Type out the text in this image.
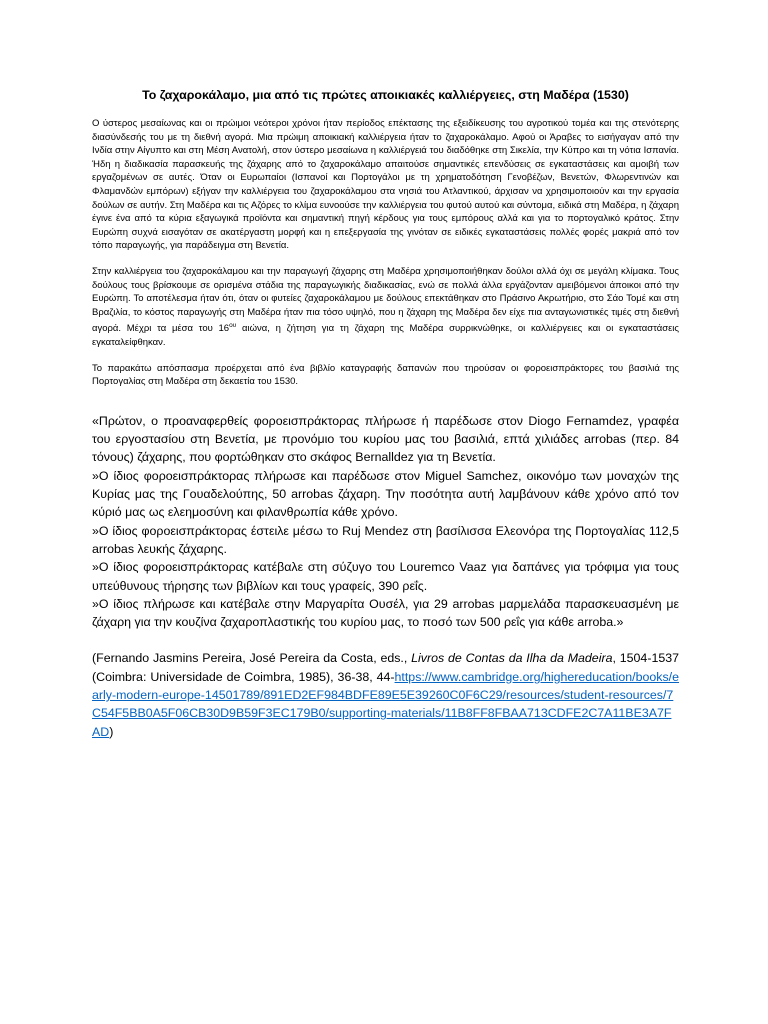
Το ζαχαροκάλαμο, μια από τις πρώτες αποικιακές καλλιέργειες, στη Μαδέρα (1530)

Ο ύστερος μεσαίωνας και οι πρώιμοι νεότεροι χρόνοι ήταν περίοδος επέκτασης της εξειδίκευσης του αγροτικού τομέα και της στενότερης διασύνδεσής του με τη διεθνή αγορά. Μια πρώιμη αποικιακή καλλιέργεια ήταν το ζαχαροκάλαμο. Αφού οι Άραβες το εισήγαγαν από την Ινδία στην Αίγυπτο και στη Μέση Ανατολή, στον ύστερο μεσαίωνα η καλλιέργειά του διαδόθηκε στη Σικελία, την Κύπρο και τη νότια Ισπανία. Ήδη η διαδικασία παρασκευής της ζάχαρης από το ζαχαροκάλαμο απαιτούσε σημαντικές επενδύσεις σε εγκαταστάσεις και αμοιβή των εργαζομένων σε αυτές. Όταν οι Ευρωπαίοι (Ισπανοί και Πορτογάλοι με τη χρηματοδότηση Γενοβέζων, Βενετών, Φλωρεντινών και Φλαμανδών εμπόρων) εξήγαν την καλλιέργεια του ζαχαροκάλαμου στα νησιά του Ατλαντικού, άρχισαν να χρησιμοποιούν και την εργασία δούλων σε αυτήν. Στη Μαδέρα και τις Αζόρες το κλίμα ευνοούσε την καλλιέργεια του φυτού αυτού και σύντομα, ειδικά στη Μαδέρα, η ζάχαρη έγινε ένα από τα κύρια εξαγωγικά προϊόντα και σημαντική πηγή κέρδους για τους εμπόρους αλλά και για το πορτογαλικό κράτος. Στην Ευρώπη συχνά εισαγόταν σε ακατέργαστη μορφή και η επεξεργασία της γινόταν σε ειδικές εγκαταστάσεις πολλές φορές μακριά από τον τόπο παραγωγής, για παράδειγμα στη Βενετία.

Στην καλλιέργεια του ζαχαροκάλαμου και την παραγωγή ζάχαρης στη Μαδέρα χρησιμοποιήθηκαν δούλοι αλλά όχι σε μεγάλη κλίμακα. Τους δούλους τους βρίσκουμε σε ορισμένα στάδια της παραγωγικής διαδικασίας, ενώ σε πολλά άλλα εργάζονταν αμειβόμενοι άποικοι από την Ευρώπη. Το αποτέλεσμα ήταν ότι, όταν οι φυτείες ζαχαροκάλαμου με δούλους επεκτάθηκαν στο Πράσινο Ακρωτήριο, στο Σάο Τομέ και στη Βραζιλία, το κόστος παραγωγής στη Μαδέρα ήταν πια τόσο υψηλό, που η ζάχαρη της Μαδέρα δεν είχε πια ανταγωνιστικές τιμές στη διεθνή αγορά. Μέχρι τα μέσα του $16^{o\upsilon}$ αιώνα, η ζήτηση για τη ζάχαρη της Μαδέρα συρρικνώθηκε, οι καλλιέργειες και οι εγκαταστάσεις εγκαταλείφθηκαν.

Το παρακάτω απόσπασμα προέρχεται από ένα βιβλίο καταγραφής δαπανών που τηρούσαν οι φοροεισπράκτορες του βασιλιά της Πορτογαλίας στη Μαδέρα στη δεκαετία του 1530.

«Πρώτον, ο προαναφερθείς φοροεισπράκτορας πλήρωσε ή παρέδωσε στον Diogo Fernamdez, γραφέα του εργοστασίου στη Βενετία, με προνόμιο του κυρίου μας του βασιλιά, επτά χιλιάδες arrobas (περ. 84 τόνους) ζάχαρης, που φορτώθηκαν στο σκάφος Bernalldez για τη Βενετία.

»Ο ίδιος φοροεισπράκτορας πλήρωσε και παρέδωσε στον Miguel Samchez, οικονόμο των μοναχών της Κυρίας μας της Γουαδελούπης, 50 arrobas ζάχαρη. Την ποσότητα αυτή λαμβάνουν κάθε χρόνο από τον κύριό μας ως ελεημοσύνη και φιλανθρωπία κάθε χρόνο.

»Ο ίδιος φοροεισπράκτορας έστειλε μέσω το Ruj Mendez στη βασίλισσα Ελεονόρα της Πορτογαλίας 112,5 arrobas λευκής ζάχαρης.

»Ο ίδιος φοροεισπράκτορας κατέβαλε στη σύζυγο του Louremco Vaaz για δαπάνες για τρόφιμα για τους υπεύθυνους τήρησης των βιβλίων και τους γραφείς, 390 ρεΐς.

»Ο ίδιος πλήρωσε και κατέβαλε στην Μαργαρίτα Ουσέλ, για 29 arrobas μαρμελάδα παρασκευασμένη με ζάχαρη για την κουζίνα ζαχαροπλαστικής του κυρίου μας, το ποσό των 500 ρεΐς για κάθε arroba.»

(Fernando Jasmins Pereira, José Pereira da Costa, eds., Livros de Contas da Ilha da Madeira, 1504-1537 (Coimbra: Universidade de Coimbra, 1985), 36-38, 44-https://www.cambridge.org/highereducation/books/early-modern-europe-14501789/891ED2EF984BDFE89E5E39260C0F6C29/resources/student-resources/7C54F5BB0A5F06CB30D9B59F3EC179B0/supporting-materials/11B8FF8FBAA713CDFE2C7A11BE3A7FAD)
